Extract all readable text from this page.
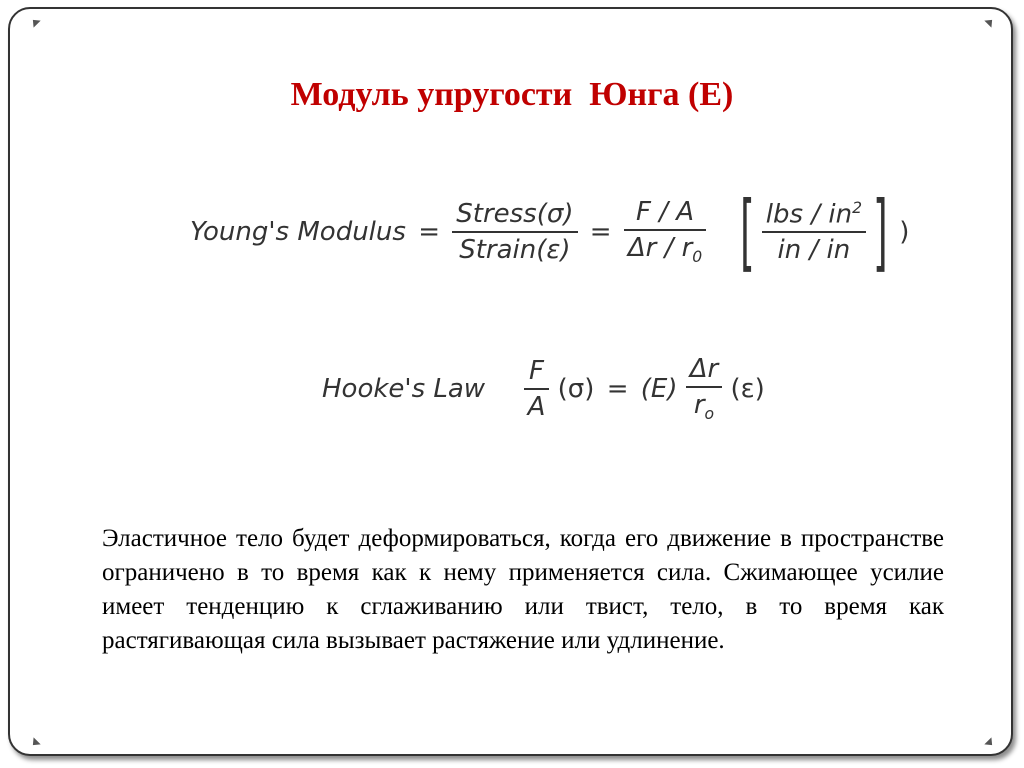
Модуль упругости  Юнга (E)
Young's Modulus = $\frac{\text{Stress(σ)}}{\text{Strain(ε)}} = \frac{F / A}{\Delta r / r_0}$ [ $\frac{lbs / in^2}{in / in}$ ] )
Hooke's Law $\frac{F}{A} (\sigma) = (E) \frac{\Delta r}{r_o} (\varepsilon)$
Эластичное тело будет деформироваться, когда его движение в пространстве ограничено в то время как к нему применяется сила. Сжимающее усилие имеет тенденцию к сглаживанию или твист, тело, в то время как растягивающая сила вызывает растяжение или удлинение.
